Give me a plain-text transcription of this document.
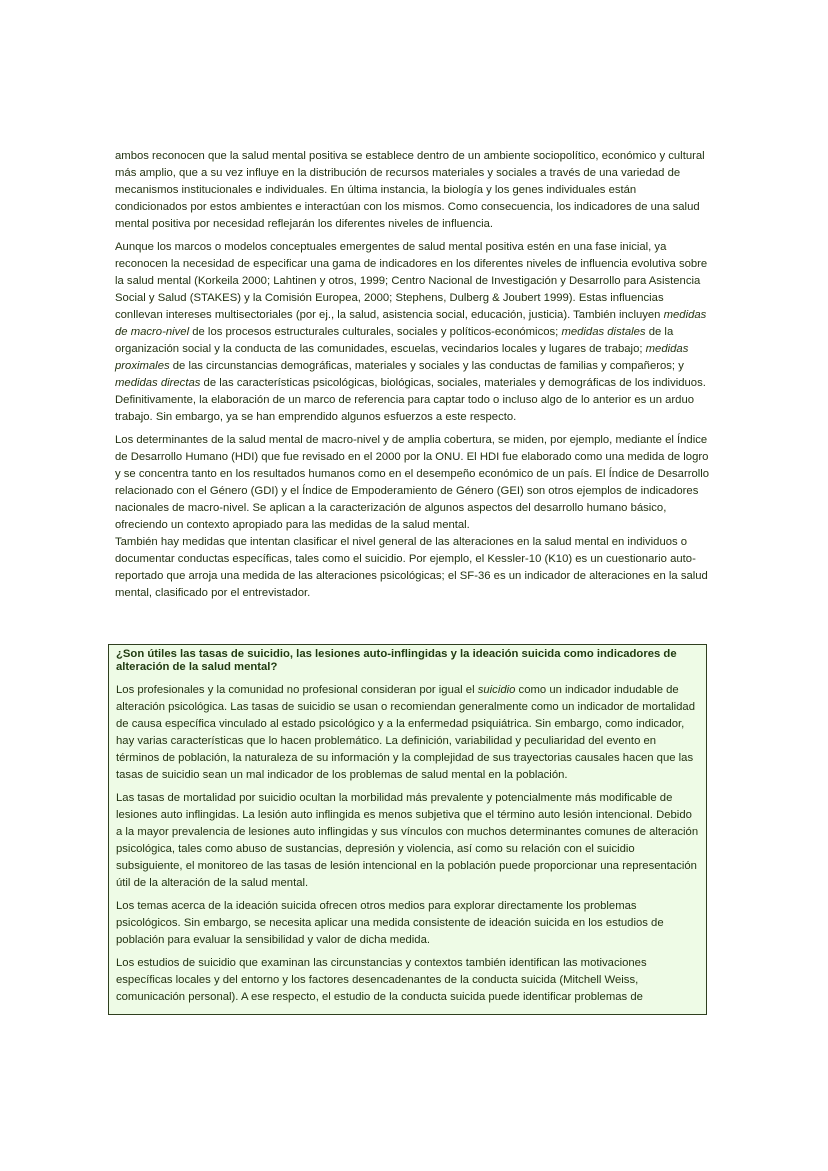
ambos reconocen que la salud mental positiva se establece dentro de un ambiente sociopolítico, económico y cultural más amplio, que a su vez influye en la distribución de recursos materiales y sociales a través de una variedad de mecanismos institucionales e individuales. En última instancia, la biología y los genes individuales están condicionados por estos ambientes e interactúan con los mismos. Como consecuencia, los indicadores de una salud mental positiva por necesidad reflejarán los diferentes niveles de influencia.

Aunque los marcos o modelos conceptuales emergentes de salud mental positiva estén en una fase inicial, ya reconocen la necesidad de especificar una gama de indicadores en los diferentes niveles de influencia evolutiva sobre la salud mental (Korkeila 2000; Lahtinen y otros, 1999; Centro Nacional de Investigación y Desarrollo para Asistencia Social y Salud (STAKES) y la Comisión Europea, 2000; Stephens, Dulberg & Joubert 1999). Estas influencias conllevan intereses multisectoriales (por ej., la salud, asistencia social, educación, justicia). También incluyen medidas de macro-nivel de los procesos estructurales culturales, sociales y políticos-económicos; medidas distales de la organización social y la conducta de las comunidades, escuelas, vecindarios locales y lugares de trabajo; medidas proximales de las circunstancias demográficas, materiales y sociales y las conductas de familias y compañeros; y medidas directas de las características psicológicas, biológicas, sociales, materiales y demográficas de los individuos. Definitivamente, la elaboración de un marco de referencia para captar todo o incluso algo de lo anterior es un arduo trabajo. Sin embargo, ya se han emprendido algunos esfuerzos a este respecto.

Los determinantes de la salud mental de macro-nivel y de amplia cobertura, se miden, por ejemplo, mediante el Índice de Desarrollo Humano (HDI) que fue revisado en el 2000 por la ONU. El HDI fue elaborado como una medida de logro y se concentra tanto en los resultados humanos como en el desempeño económico de un país. El Índice de Desarrollo relacionado con el Género (GDI) y el Índice de Empoderamiento de Género (GEI) son otros ejemplos de indicadores nacionales de macro-nivel. Se aplican a la caracterización de algunos aspectos del desarrollo humano básico, ofreciendo un contexto apropiado para las medidas de la salud mental.

También hay medidas que intentan clasificar el nivel general de las alteraciones en la salud mental en individuos o documentar conductas específicas, tales como el suicidio. Por ejemplo, el Kessler-10 (K10) es un cuestionario auto-reportado que arroja una medida de las alteraciones psicológicas; el SF-36 es un indicador de alteraciones en la salud mental, clasificado por el entrevistador.

¿Son útiles las tasas de suicidio, las lesiones auto-inflingidas y la ideación suicida como indicadores de alteración de la salud mental?

Los profesionales y la comunidad no profesional consideran por igual el suicidio como un indicador indudable de alteración psicológica. Las tasas de suicidio se usan o recomiendan generalmente como un indicador de mortalidad de causa específica vinculado al estado psicológico y a la enfermedad psiquiátrica. Sin embargo, como indicador, hay varias características que lo hacen problemático. La definición, variabilidad y peculiaridad del evento en términos de población, la naturaleza de su información y la complejidad de sus trayectorias causales hacen que las tasas de suicidio sean un mal indicador de los problemas de salud mental en la población.

Las tasas de mortalidad por suicidio ocultan la morbilidad más prevalente y potencialmente más modificable de lesiones auto inflingidas. La lesión auto inflingida es menos subjetiva que el término auto lesión intencional. Debido a la mayor prevalencia de lesiones auto inflingidas y sus vínculos con muchos determinantes comunes de alteración psicológica, tales como abuso de sustancias, depresión y violencia, así como su relación con el suicidio subsiguiente, el monitoreo de las tasas de lesión intencional en la población puede proporcionar una representación útil de la alteración de la salud mental.

Los temas acerca de la ideación suicida ofrecen otros medios para explorar directamente los problemas psicológicos. Sin embargo, se necesita aplicar una medida consistente de ideación suicida en los estudios de población para evaluar la sensibilidad y valor de dicha medida.

Los estudios de suicidio que examinan las circunstancias y contextos también identifican las motivaciones específicas locales y del entorno y los factores desencadenantes de la conducta suicida (Mitchell Weiss, comunicación personal). A ese respecto, el estudio de la conducta suicida puede identificar problemas de
